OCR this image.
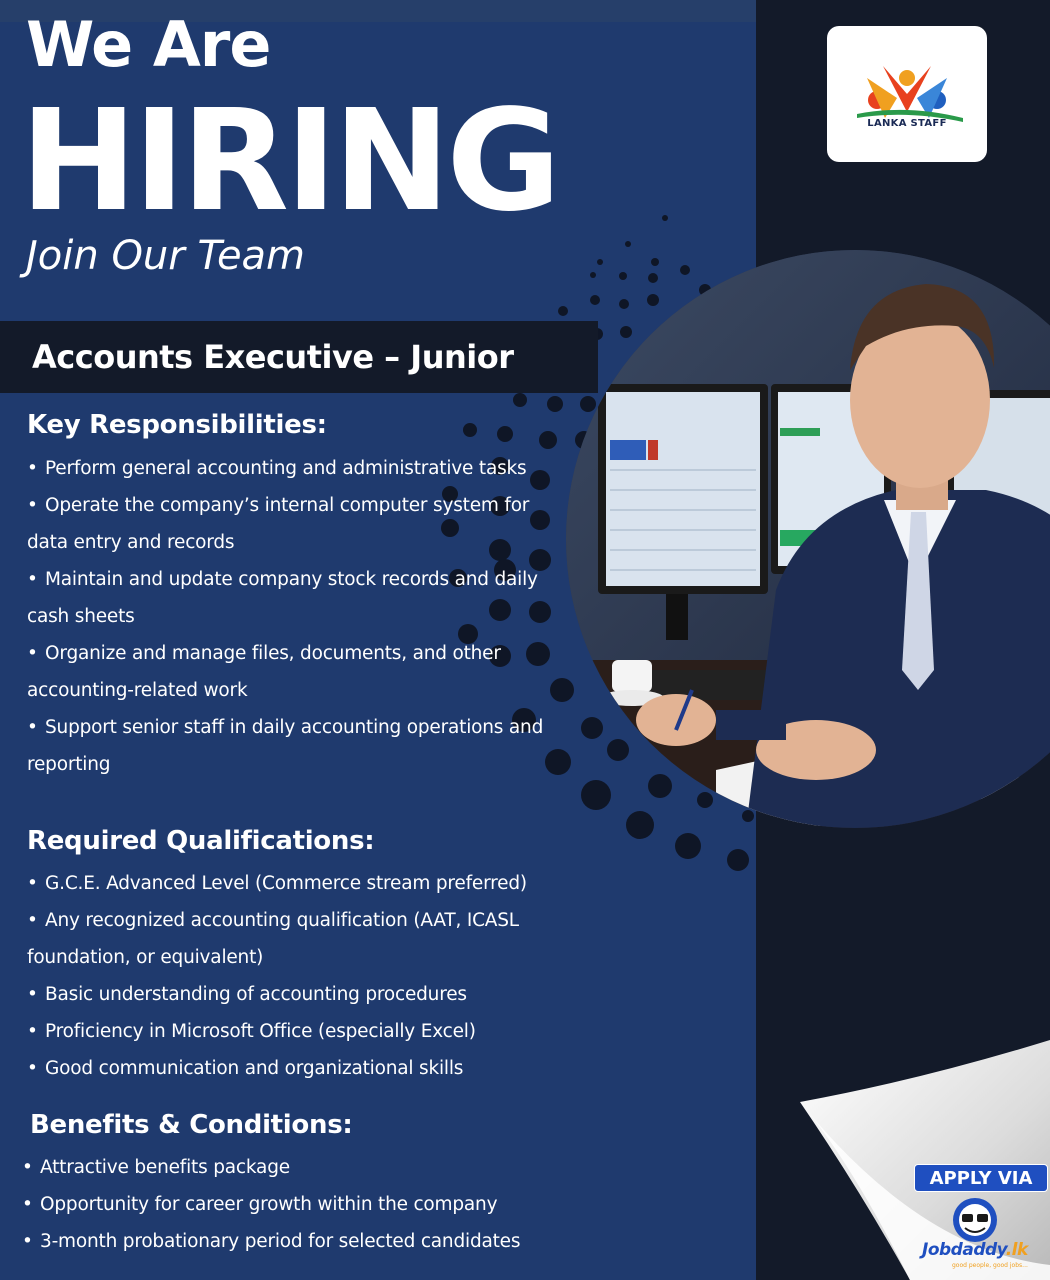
We Are
HIRING
Join Our Team
Accounts Executive – Junior
LANKA STAFF
Key Responsibilities:
• Perform general accounting and administrative tasks
• Operate the company’s internal computer system for data entry and records
• Maintain and update company stock records and daily cash sheets
• Organize and manage files, documents, and other accounting-related work
• Support senior staff in daily accounting operations and reporting
Required Qualifications:
• G.C.E. Advanced Level (Commerce stream preferred)
• Any recognized accounting qualification (AAT, ICASL foundation, or equivalent)
• Basic understanding of accounting procedures
• Proficiency in Microsoft Office (especially Excel)
• Good communication and organizational skills
Benefits & Conditions:
• Attractive benefits package
• Opportunity for career growth within the company
• 3-month probationary period for selected candidates
APPLY VIA
Jobdaddy.lk
good people, good jobs...
